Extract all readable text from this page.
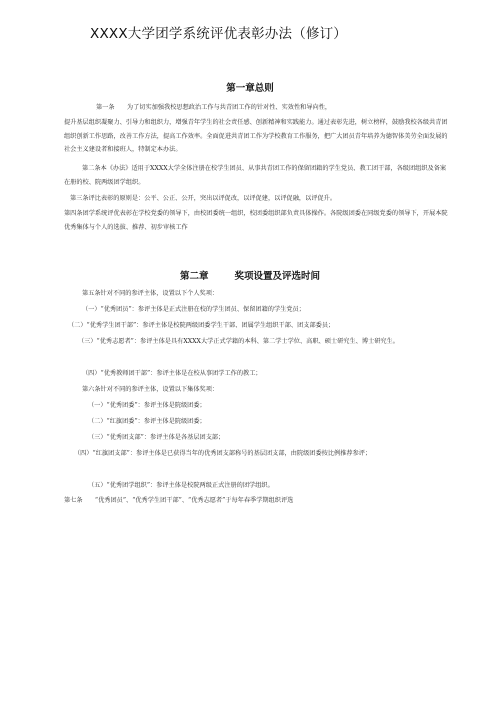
XXXX大学团学系统评优表彰办法（修订）
第一章总则

第一条　　为了切实加强我校思想政治工作与共青团工作的针对性、实效性和导向性，

提升基层组织凝聚力、引导力和组织力，增强青年学生的社会责任感、创新精神和实践能力。通过表彰先进，树立榜样，鼓励我校各级共青团组织创新工作思路，改善工作方法，提高工作效率。全面促进共青团工作为学校教育工作服务，把广大团员青年培养为德智体美劳全面发展的社会主义建设者和接班人，特制定本办法。

第二条本《办法》适用于XXXX大学全体注册在校学生团员、从事共青团工作的保留团籍的学生党员、教工团干部，各级团组织及备案在册的校、院两级团学组织。

第三条评比表彰的原则是：公平、公正、公开，突出以评促改，以评促建，以评促融，以评促升。

第四条团学系统评优表彰在学校党委的领导下，由校团委统一组织，校团委组织部负责具体操作。各院级团委在同级党委的领导下，开展本院优秀集体与个人的选拔、推荐、初步审核工作

第二章	奖项设置及评选时间

第五条针对不同的参评主体，设置以下个人奖项：

（一）“优秀团员”：参评主体是正式注册在校的学生团员、保留团籍的学生党员；

（二）“优秀学生团干部”：参评主体是校院两级团委学生干部、团属学生组织干部、团支部委员；

（三）“优秀志愿者”：参评主体是具有XXXX大学正式学籍的本科、第二学士学位、高职、硕士研究生、博士研究生。

（四）“优秀教师团干部”：参评主体是在校从事团学工作的教工；

第六条针对不同的参评主体，设置以下集体奖项：

（一）“优秀团委”：参评主体是院级团委；

（二）“红旗团委”：参评主体是院级团委；

（三）“优秀团支部”：参评主体是各基层团支部；

（四）“红旗团支部”：参评主体是已获得当年的优秀团支部称号的基层团支部，由院级团委按比例推荐参评；

（五）“优秀团学组织”：参评主体是校院两级正式注册的团学组织。

第七条　　“优秀团员”、“优秀学生团干部”、“优秀志愿者”于每年春季学期组织评选
